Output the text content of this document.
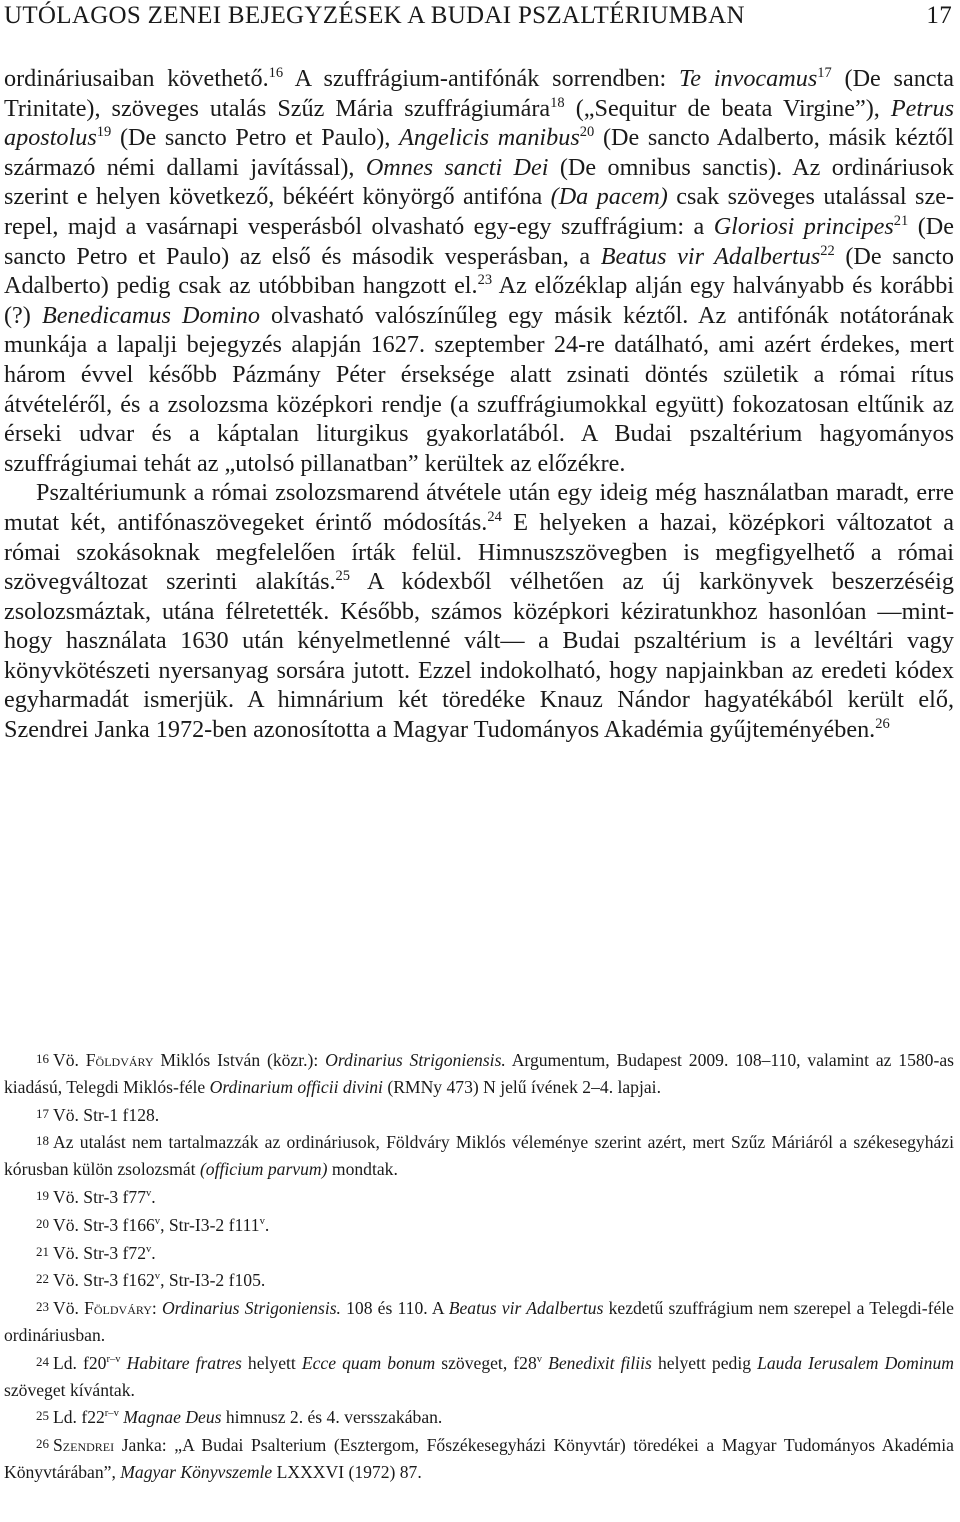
UTÓLAGOS ZENEI BEJEGYZÉSEK A BUDAI PSZALTÉRIUMBAN	17

ordináriusaiban követhető.$^{16}$ A szuffrágium-antifónák sorrendben: Te invocamus$^{17}$ (De sancta Trinitate), szöveges utalás Szűz Mária szuffrágiumára$^{18}$ („Sequitur de beata Virgine”), Petrus apostolus$^{19}$ (De sancto Petro et Paulo), Angelicis manibus$^{20}$ (De sancto Adalberto, másik kéztől származó némi dallami javítással), Omnes sancti Dei (De omnibus sanctis). Az ordináriusok szerint e helyen következő, békéért könyörgő antifóna (Da pacem) csak szöveges utalással szerepel, majd a vasárnapi vesperásból olvasható egy-egy szuffrágium: a Gloriosi principes$^{21}$ (De sancto Petro et Paulo) az első és második vesperásban, a Beatus vir Adalbertus$^{22}$ (De sancto Adalberto) pedig csak az utóbbiban hangzott el.$^{23}$ Az előzéklap alján egy halványabb és korábbi (?) Benedicamus Domino olvasható valószínűleg egy másik kéztől. Az antifónák notátorának munkája a lapalji bejegyzés alapján 1627. szeptember 24-re datálható, ami azért érdekes, mert három évvel később Pázmány Péter érseksége alatt zsinati döntés születik a római rítus átvételéről, és a zsolozsma középkori rendje (a szuffrágiumokkal együtt) fokozatosan eltűnik az érseki udvar és a káptalan liturgikus gyakorlatából. A Budai pszaltérium hagyományos szuffrágiumai tehát az „utolsó pillanatban” kerültek az előzékre.

Pszaltériumunk a római zsolozsmarend átvétele után egy ideig még használatban maradt, erre mutat két, antifónaszövegeket érintő módosítás.$^{24}$ E helyeken a hazai, középkori változatot a római szokásoknak megfelelően írták felül. Himnuszszövegben is megfigyelhető a római szövegváltozat szerinti alakítás.$^{25}$ A kódexből vélhetően az új karkönyvek beszerzéséig zsolozsmáztak, utána félretették. Később, számos középkori kéziratunkhoz hasonlóan —minthogy használata 1630 után kényelmetlenné vált— a Budai pszaltérium is a levéltári vagy könyvkötészeti nyersanyag sorsára jutott. Ezzel indokolható, hogy napjainkban az eredeti kódex egyharmadát ismerjük. A himnárium két töredéke Knauz Nándor hagyatékából került elő, Szendrei Janka 1972-ben azonosította a Magyar Tudományos Akadémia gyűjteményében.$^{26}$

16 Vö. Földváry Miklós István (közr.): Ordinarius Strigoniensis. Argumentum, Budapest 2009. 108–110, valamint az 1580-as kiadású, Telegdi Miklós-féle Ordinarium officii divini (RMNy 473) N jelű ívének 2–4. lapjai.

17 Vö. Str-1 f128.

18 Az utalást nem tartalmazzák az ordináriusok, Földváry Miklós véleménye szerint azért, mert Szűz Máriáról a székesegyházi kórusban külön zsolozsmát (officium parvum) mondtak.

19 Vö. Str-3 f77$^v$.

20 Vö. Str-3 f166$^v$, Str-I3-2 f111$^v$.

21 Vö. Str-3 f72$^v$.

22 Vö. Str-3 f162$^v$, Str-I3-2 f105.

23 Vö. Földváry: Ordinarius Strigoniensis. 108 és 110. A Beatus vir Adalbertus kezdetű szuffrágium nem szerepel a Telegdi-féle ordináriusban.

24 Ld. f20$^{r-v}$ Habitare fratres helyett Ecce quam bonum szöveget, f28$^v$ Benedixit filiis helyett pedig Lauda Ierusalem Dominum szöveget kívántak.

25 Ld. f22$^{r-v}$ Magnae Deus himnusz 2. és 4. versszakában.

26 Szendrei Janka: „A Budai Psalterium (Esztergom, Főszékesegyházi Könyvtár) töredékei a Magyar Tudományos Akadémia Könyvtárában”, Magyar Könyvszemle LXXXVI (1972) 87.
